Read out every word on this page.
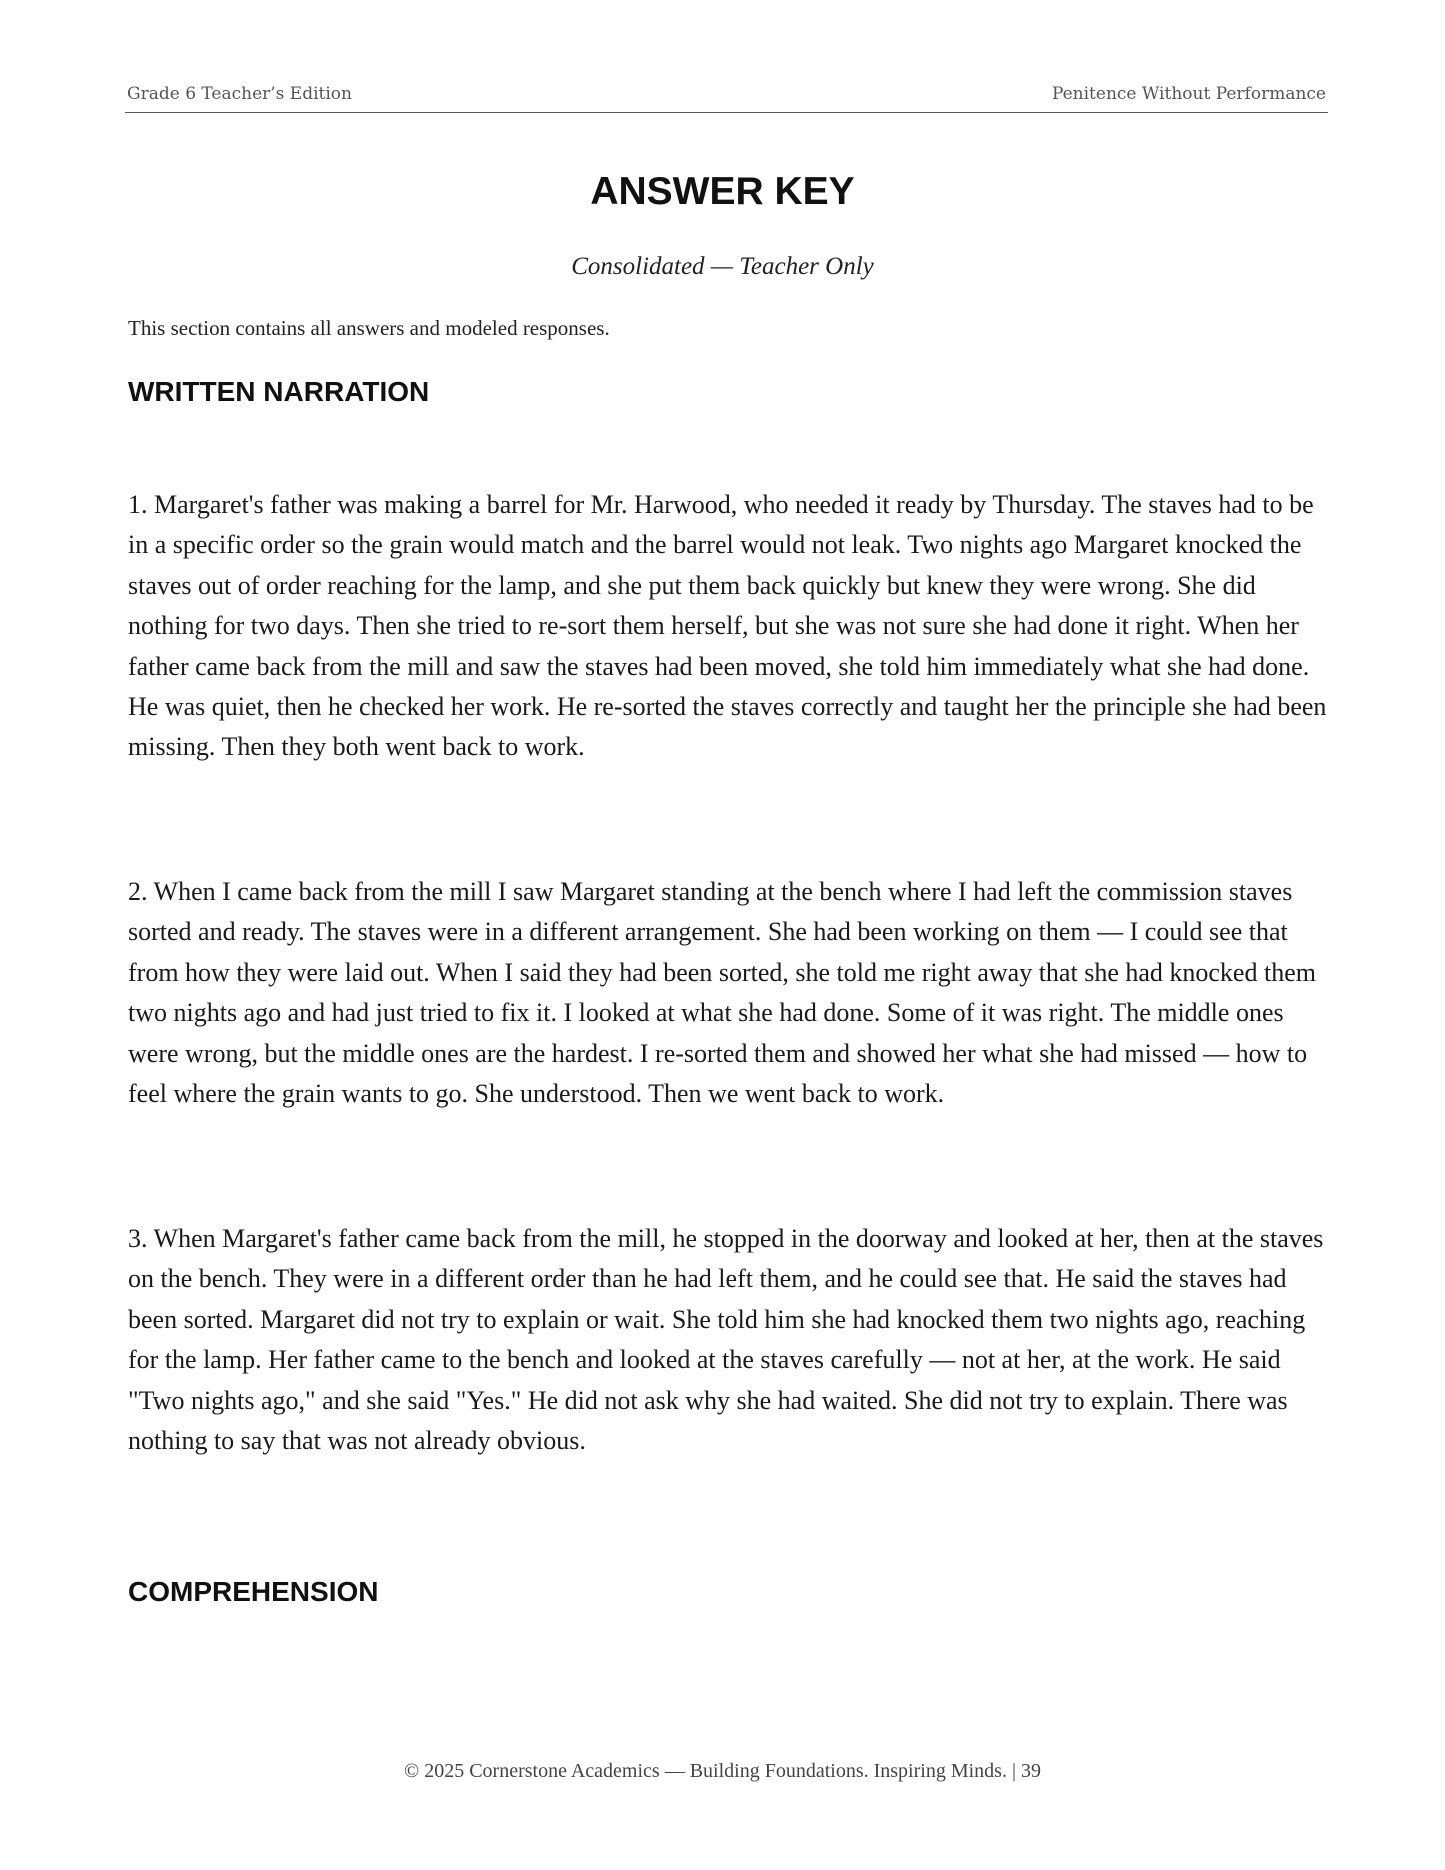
Grade 6 Teacher’s Edition	Penitence Without Performance
ANSWER KEY
Consolidated — Teacher Only
This section contains all answers and modeled responses.
WRITTEN NARRATION

1. Margaret's father was making a barrel for Mr. Harwood, who needed it ready by Thursday. The staves had to be in a specific order so the grain would match and the barrel would not leak. Two nights ago Margaret knocked the staves out of order reaching for the lamp, and she put them back quickly but knew they were wrong. She did nothing for two days. Then she tried to re-sort them herself, but she was not sure she had done it right. When her father came back from the mill and saw the staves had been moved, she told him immediately what she had done. He was quiet, then he checked her work. He re-sorted the staves correctly and taught her the principle she had been missing. Then they both went back to work.

2. When I came back from the mill I saw Margaret standing at the bench where I had left the commission staves sorted and ready. The staves were in a different arrangement. She had been working on them — I could see that from how they were laid out. When I said they had been sorted, she told me right away that she had knocked them two nights ago and had just tried to fix it. I looked at what she had done. Some of it was right. The middle ones were wrong, but the middle ones are the hardest. I re-sorted them and showed her what she had missed — how to feel where the grain wants to go. She understood. Then we went back to work.

3. When Margaret's father came back from the mill, he stopped in the doorway and looked at her, then at the staves on the bench. They were in a different order than he had left them, and he could see that. He said the staves had been sorted. Margaret did not try to explain or wait. She told him she had knocked them two nights ago, reaching for the lamp. Her father came to the bench and looked at the staves carefully — not at her, at the work. He said "Two nights ago," and she said "Yes." He did not ask why she had waited. She did not try to explain. There was nothing to say that was not already obvious.

COMPREHENSION
© 2025 Cornerstone Academics — Building Foundations. Inspiring Minds. | 39
